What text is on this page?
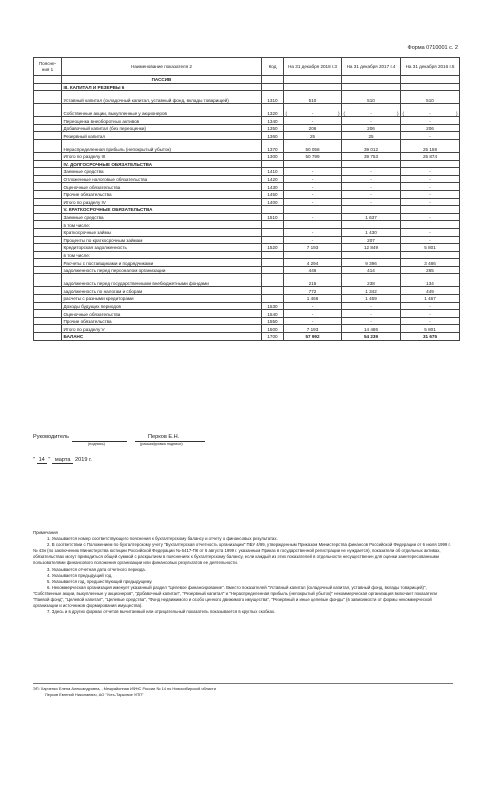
Форма 0710001 с. 2
Поясне-ния 1	Наименование показателя 2	Код	На 31 декабря 2018 г.3	На 31 декабря 2017 г.4	На 31 декабря 2016 г.5
	ПАССИВ				
	III. КАПИТАЛ И РЕЗЕРВЫ 6				
	Уставный капитал (складочный капитал, уставный фонд, вклады товарищей)	1310	510	510	510
	Собственные акции, выкупленные у акционеров	1320	( - )	( - )	( - )

	Переоценка внеоборотных активов	1340	-	-	-
	Добавочный капитал (без переоценки)	1350	206	206	206
	Резервный капитал	1360	25	25	-
	Нераспределенная прибыль (непокрытый убыток)	1370	50 058	39 012	25 158
	Итого по разделу III	1300	50 799	39 753	25 874
	IV. ДОЛГОСРОЧНЫЕ ОБЯЗАТЕЛЬСТВА				
	Заемные средства	1410	-	-	-
	Отложенные налоговые обязательства	1420	-	-	-
	Оценочные обязательства	1430	-	-	-
	Прочие обязательства	1450	-	-	-
	Итого по разделу IV	1400	-	-	-
	V. КРАТКОСРОЧНЫЕ ОБЯЗАТЕЛЬСТВА				
	Заемные средства	1510	-	1 637	-
	в том числе:				
	Краткосрочные займы		-	1 430	-
	Проценты по краткосрочным займам		-	207	-
	Кредиторская задолженность	1520	7 193	12 849	5 801
	в том числе:				
	Расчеты с поставщиками и подрядчиками		4 294	9 396	3 486
	задолженность перед персоналом организации		446	414	265
	задолженность перед государственными внебюджетными фондами		215	238	134
	задолженность по налогам и сборам		772	1 342	449
	расчеты с разными кредиторами		1 466	1 459	1 467
	Доходы будущих периодов	1530	-	-	-
	Оценочные обязательства	1540	-	-	-
	Прочие обязательства	1550	-	-	-
	Итого по разделу V	1500	7 193	14 486	5 801
	БАЛАНС	1700	57 992	54 239	31 675
Руководитель
(подпись)
Перков Е.Н.
(расшифровка подписи)
" 14 " марта 2019 г.

Примечания

1. Указывается номер соответствующего пояснения к бухгалтерскому балансу и отчету о финансовых результатах.

2. В соответствии с Положением по бухгалтерскому учету "Бухгалтерская отчетность организации" ПБУ 4/99, утвержденным Приказом Министерства финансов Российской Федерации от 6 июля 1999 г. № 43н (по заключению Министерства юстиции Российской Федерации № 6417-ПК от 6 августа 1999 г. указанным Приказ в государственной регистрации не нуждается), показатели об отдельных активах, обязательствах могут приводиться общей суммой с раскрытием в пояснениях к бухгалтерскому балансу, если каждый из этих показателей в отдельности несущественен для оценки заинтересованными пользователями финансового положения организации или финансовых результатов ее деятельности.

3. Указывается отчетная дата отчетного периода.

4. Указывается предыдущий год.

5. Указывается год, предшествующий предыдущему.

6. Некоммерческая организация именует указанный раздел "Целевое финансирование". Вместо показателей "Уставный капитал (складочный капитал, уставный фонд, вклады товарищей)", "Собственные акции, выкупленные у акционеров", "Добавочный капитал", "Резервный капитал" и "Нераспределенная прибыль (непокрытый убыток)" некоммерческая организация включает показатели "Паевой фонд", "Целевой капитал", "Целевые средства", "Фонд недвижимого и особо ценного движимого имущества", "Резервный и иные целевые фонды" (в зависимости от формы некоммерческой организации и источников формирования имущества).

7. Здесь и в других формах отчетов вычитаемый или отрицательный показатель показывается в круглых скобках.

ЭП: Харченко Елена Александровна, , Межрайонная ИФНС России № 14 по Новосибирской области
Перков Евгений Николаевич, АО "Усть-Тарковое УПП"
